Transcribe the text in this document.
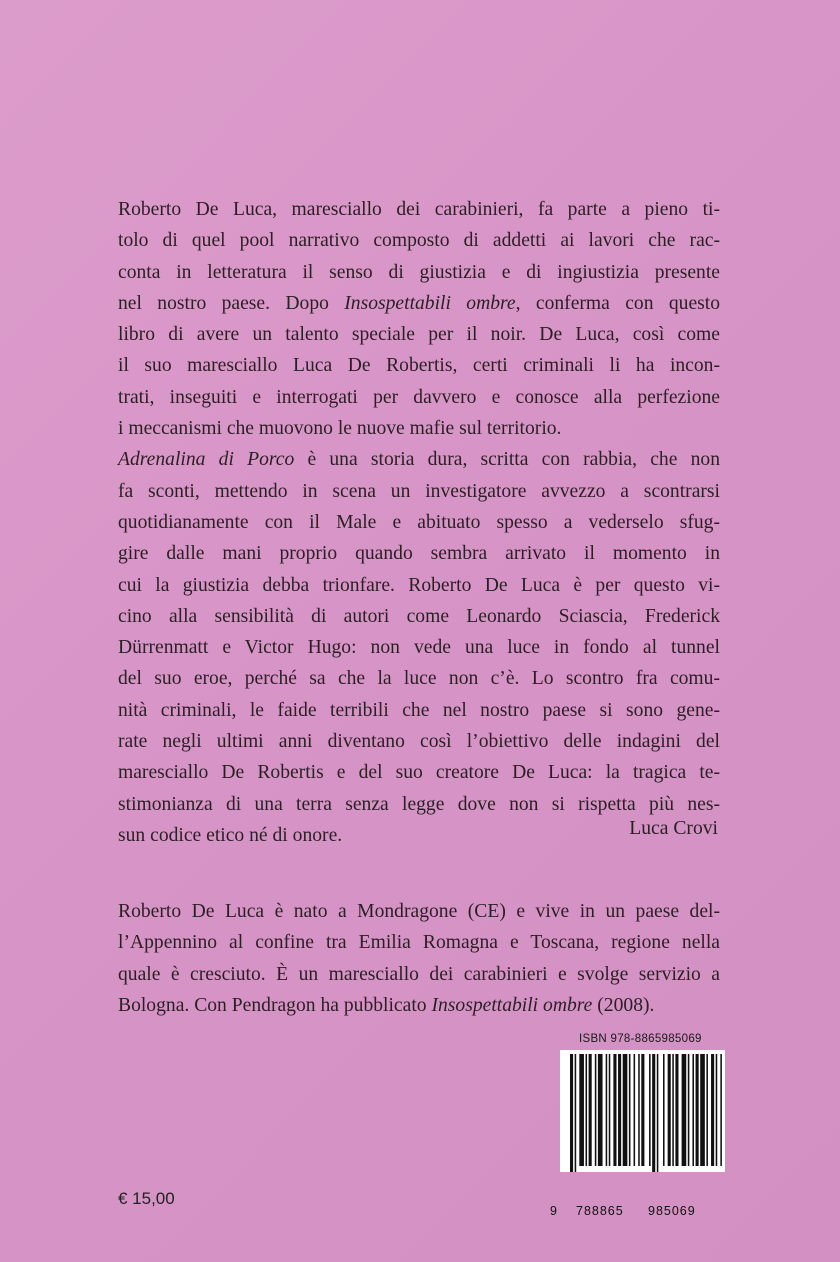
Roberto De Luca, maresciallo dei carabinieri, fa parte a pieno ti-
tolo di quel pool narrativo composto di addetti ai lavori che rac-
conta in letteratura il senso di giustizia e di ingiustizia presente
nel nostro paese. Dopo Insospettabili ombre, conferma con questo
libro di avere un talento speciale per il noir. De Luca, così come
il suo maresciallo Luca De Robertis, certi criminali li ha incon-
trati, inseguiti e interrogati per davvero e conosce alla perfezione
i meccanismi che muovono le nuove mafie sul territorio.
Adrenalina di Porco è una storia dura, scritta con rabbia, che non
fa sconti, mettendo in scena un investigatore avvezzo a scontrarsi
quotidianamente con il Male e abituato spesso a vederselo sfug-
gire dalle mani proprio quando sembra arrivato il momento in
cui la giustizia debba trionfare. Roberto De Luca è per questo vi-
cino alla sensibilità di autori come Leonardo Sciascia, Frederick
Dürrenmatt e Victor Hugo: non vede una luce in fondo al tunnel
del suo eroe, perché sa che la luce non c’è. Lo scontro fra comu-
nità criminali, le faide terribili che nel nostro paese si sono gene-
rate negli ultimi anni diventano così l’obiettivo delle indagini del
maresciallo De Robertis e del suo creatore De Luca: la tragica te-
stimonianza di una terra senza legge dove non si rispetta più nes-
sun codice etico né di onore.	Luca Crovi
Roberto De Luca è nato a Mondragone (CE) e vive in un paese del-
l’Appennino al confine tra Emilia Romagna e Toscana, regione nella
quale è cresciuto. È un maresciallo dei carabinieri e svolge servizio a
Bologna. Con Pendragon ha pubblicato Insospettabili ombre (2008).
ISBN 978-8865985069
9 788865 985069
€ 15,00
